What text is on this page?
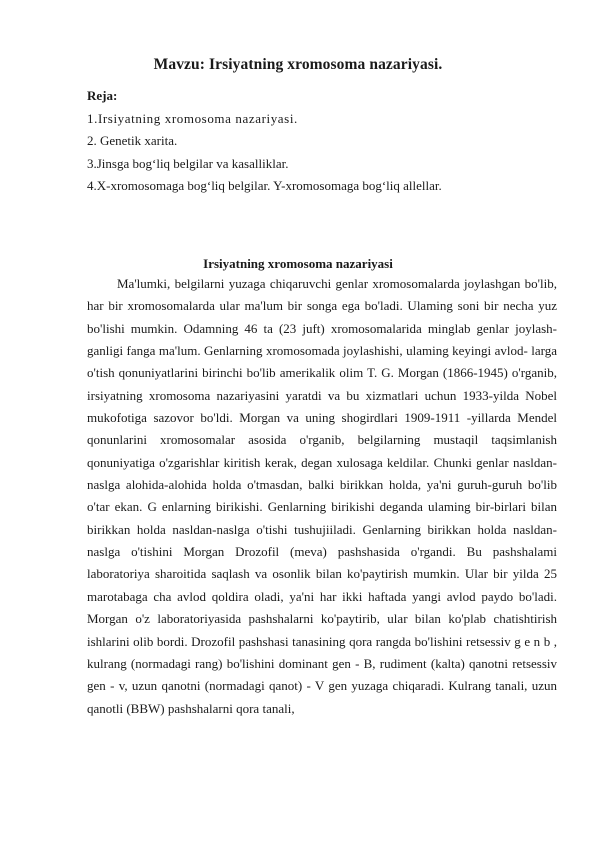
Mavzu: Irsiyatning xromosoma nazariyasi.
Reja:
1.Irsiyatning xromosoma nazariyasi.
2. Genetik xarita.
3.Jinsga bog‘liq belgilar va kasalliklar.
4.X-xromosomaga bog‘liq belgilar. Y-xromosomaga bog‘liq allellar.
Irsiyatning xromosoma nazariyasi
Ma'lumki, belgilarni yuzaga chiqaruvchi genlar xromosomalarda joylashgan bo'lib, har bir xromosomalarda ular ma'lum bir songa ega bo'ladi. Ulaming soni bir necha yuz bo'lishi mumkin. Odamning 46 ta (23 juft) xromosomalarida minglab genlar joylash- ganligi fanga ma'lum. Genlarning xromosomada joylashishi, ulaming keyingi avlod- larga o'tish qonuniyatlarini birinchi bo'lib amerikalik olim T. G. Morgan (1866-1945) o'rganib, irsiyatning xromosoma nazariyasini yaratdi va bu xizmatlari uchun 1933-yilda Nobel mukofotiga sazovor bo'ldi. Morgan va uning shogirdlari 1909-1911 -yillarda Mendel qonunlarini xromosomalar asosida o'rganib, belgilarning mustaqil taqsimlanish qonuniyatiga o'zgarishlar kiritish kerak, degan xulosaga keldilar. Chunki genlar nasldan-naslga alohida-alohida holda o'tmasdan, balki birikkan holda, ya'ni guruh-guruh bo'lib o'tar ekan. G enlarning birikishi. Genlarning birikishi deganda ulaming bir-birlari bilan birikkan holda nasldan-naslga o'tishi tushujiiladi. Genlarning birikkan holda nasldan-naslga o'tishini Morgan Drozofil (meva) pashshasida o'rgandi. Bu pashshalami laboratoriya sharoitida saqlash va osonlik bilan ko'paytirish mumkin. Ular bir yilda 25 marotabaga cha avlod qoldira oladi, ya'ni har ikki haftada yangi avlod paydo bo'ladi. Morgan o'z laboratoriyasida pashshalarni ko'paytirib, ular bilan ko'plab chatishtirish ishlarini olib bordi. Drozofil pashshasi tanasining qora rangda bo'lishini retsessiv g e n b , kulrang (normadagi rang) bo'lishini dominant gen - B, rudiment (kalta) qanotni retsessiv gen - v, uzun qanotni (normadagi qanot) - V gen yuzaga chiqaradi. Kulrang tanali, uzun qanotli (BBW) pashshalarni qora tanali,
